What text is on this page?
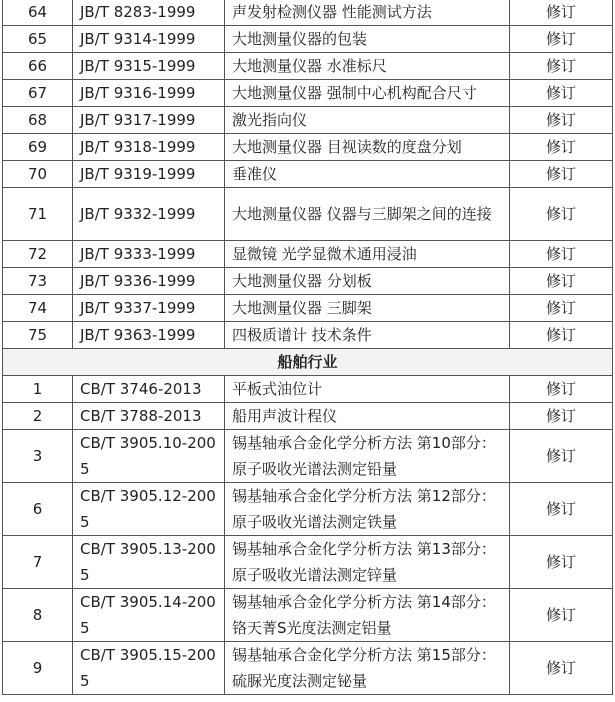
64	JB/T 8283-1999	声发射检测仪器 性能测试方法	修订
65	JB/T 9314-1999	大地测量仪器的包装	修订
66	JB/T 9315-1999	大地测量仪器 水准标尺	修订
67	JB/T 9316-1999	大地测量仪器 强制中心机构配合尺寸	修订
68	JB/T 9317-1999	激光指向仪	修订
69	JB/T 9318-1999	大地测量仪器 目视读数的度盘分划	修订
70	JB/T 9319-1999	垂准仪	修订
71	JB/T 9332-1999	大地测量仪器 仪器与三脚架之间的连接	修订
72	JB/T 9333-1999	显微镜 光学显微术通用浸油	修订
73	JB/T 9336-1999	大地测量仪器 分划板	修订
74	JB/T 9337-1999	大地测量仪器 三脚架	修订
75	JB/T 9363-1999	四极质谱计 技术条件	修订
船舶行业			
1	CB/T 3746-2013	平板式油位计	修订
2	CB/T 3788-2013	船用声波计程仪	修订
3	CB/T 3905.10-2005	锡基轴承合金化学分析方法 第10部分：原子吸收光谱法测定铅量	修订
6	CB/T 3905.12-2005	锡基轴承合金化学分析方法 第12部分：原子吸收光谱法测定铁量	修订
7	CB/T 3905.13-2005	锡基轴承合金化学分析方法 第13部分：原子吸收光谱法测定锌量	修订
8	CB/T 3905.14-2005	锡基轴承合金化学分析方法 第14部分：铬天菁S光度法测定铝量	修订
9	CB/T 3905.15-2005	锡基轴承合金化学分析方法 第15部分：硫脲光度法测定铋量	修订
